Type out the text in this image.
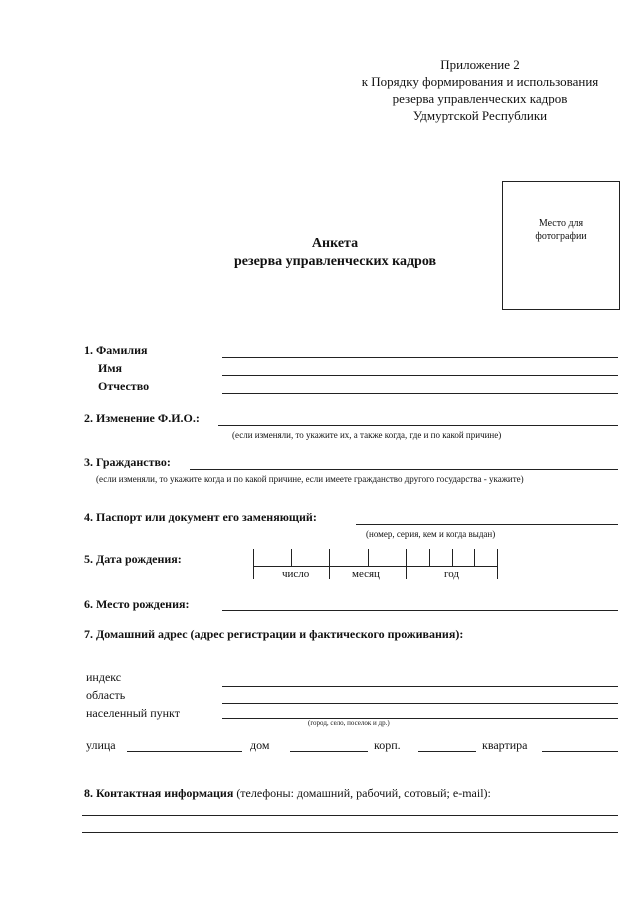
Приложение 2
к Порядку формирования и использования
резерва управленческих кадров
Удмуртской Республики
Место для
фотографии
Анкета
резерва управленческих кадров
1. Фамилия
Имя
Отчество
2. Изменение Ф.И.О.:
(если изменяли, то укажите их, а также когда, где и по какой причине)
3. Гражданство:
(если изменяли, то укажите когда и по какой причине, если имеете гражданство другого государства - укажите)
4. Паспорт или документ его заменяющий:
(номер, серия, кем и когда выдан)
5. Дата рождения:
число	месяц	год
6. Место рождения:
7. Домашний адрес (адрес регистрации и фактического проживания):
индекс
область
населенный пункт
(город, село, поселок и др.)
улица	дом	корп.	квартира
8. Контактная информация (телефоны: домашний, рабочий, сотовый; e-mail):
